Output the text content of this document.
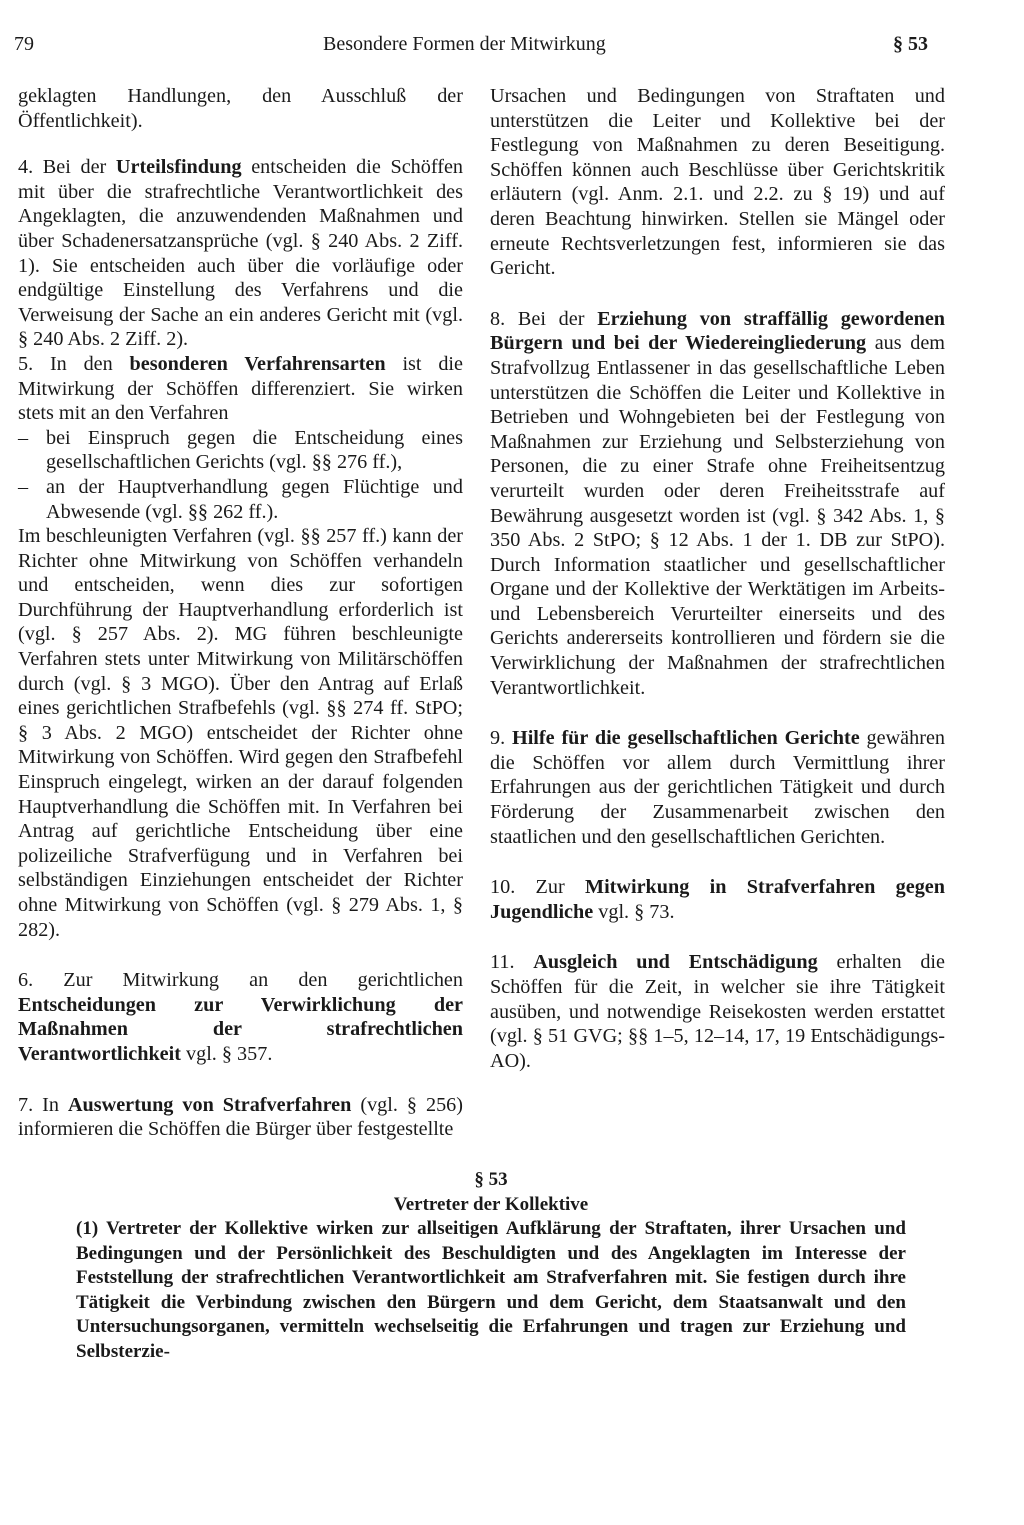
79	Besondere Formen der Mitwirkung	§ 53

geklagten Handlungen, den Ausschluß der Öffentlichkeit).

4. Bei der Urteilsfindung entscheiden die Schöffen mit über die strafrechtliche Verantwortlichkeit des Angeklagten, die anzuwendenden Maßnahmen und über Schadenersatzansprüche (vgl. § 240 Abs. 2 Ziff. 1). Sie entscheiden auch über die vorläufige oder endgültige Einstellung des Verfahrens und die Verweisung der Sache an ein anderes Gericht mit (vgl. § 240 Abs. 2 Ziff. 2).

5. In den besonderen Verfahrensarten ist die Mitwirkung der Schöffen differenziert. Sie wirken stets mit an den Verfahren

– bei Einspruch gegen die Entscheidung eines gesellschaftlichen Gerichts (vgl. §§ 276 ff.),
– an der Hauptverhandlung gegen Flüchtige und Abwesende (vgl. §§ 262 ff.).

Im beschleunigten Verfahren (vgl. §§ 257 ff.) kann der Richter ohne Mitwirkung von Schöffen verhandeln und entscheiden, wenn dies zur sofortigen Durchführung der Hauptverhandlung erforderlich ist (vgl. § 257 Abs. 2). MG führen beschleunigte Verfahren stets unter Mitwirkung von Militärschöffen durch (vgl. § 3 MGO). Über den Antrag auf Erlaß eines gerichtlichen Strafbefehls (vgl. §§ 274 ff. StPO; § 3 Abs. 2 MGO) entscheidet der Richter ohne Mitwirkung von Schöffen. Wird gegen den Strafbefehl Einspruch eingelegt, wirken an der darauf folgenden Hauptverhandlung die Schöffen mit. In Verfahren bei Antrag auf gerichtliche Entscheidung über eine polizeiliche Strafverfügung und in Verfahren bei selbständigen Einziehungen entscheidet der Richter ohne Mitwirkung von Schöffen (vgl. § 279 Abs. 1, § 282).

6. Zur Mitwirkung an den gerichtlichen Entscheidungen zur Verwirklichung der Maßnahmen der strafrechtlichen Verantwortlichkeit vgl. § 357.

7. In Auswertung von Strafverfahren (vgl. § 256) informieren die Schöffen die Bürger über festgestellte

Ursachen und Bedingungen von Straftaten und unterstützen die Leiter und Kollektive bei der Festlegung von Maßnahmen zu deren Beseitigung. Schöffen können auch Beschlüsse über Gerichtskritik erläutern (vgl. Anm. 2.1. und 2.2. zu § 19) und auf deren Beachtung hinwirken. Stellen sie Mängel oder erneute Rechtsverletzungen fest, informieren sie das Gericht.

8. Bei der Erziehung von straffällig gewordenen Bürgern und bei der Wiedereingliederung aus dem Strafvollzug Entlassener in das gesellschaftliche Leben unterstützen die Schöffen die Leiter und Kollektive in Betrieben und Wohngebieten bei der Festlegung von Maßnahmen zur Erziehung und Selbsterziehung von Personen, die zu einer Strafe ohne Freiheitsentzug verurteilt wurden oder deren Freiheitsstrafe auf Bewährung ausgesetzt worden ist (vgl. § 342 Abs. 1, § 350 Abs. 2 StPO; § 12 Abs. 1 der 1. DB zur StPO). Durch Information staatlicher und gesellschaftlicher Organe und der Kollektive der Werktätigen im Arbeits- und Lebensbereich Verurteilter einerseits und des Gerichts andererseits kontrollieren und fördern sie die Verwirklichung der Maßnahmen der strafrechtlichen Verantwortlichkeit.

9. Hilfe für die gesellschaftlichen Gerichte gewähren die Schöffen vor allem durch Vermittlung ihrer Erfahrungen aus der gerichtlichen Tätigkeit und durch Förderung der Zusammenarbeit zwischen den staatlichen und den gesellschaftlichen Gerichten.

10. Zur Mitwirkung in Strafverfahren gegen Jugendliche vgl. § 73.

11. Ausgleich und Entschädigung erhalten die Schöffen für die Zeit, in welcher sie ihre Tätigkeit ausüben, und notwendige Reisekosten werden erstattet (vgl. § 51 GVG; §§ 1–5, 12–14, 17, 19 Entschädigungs-AO).

§ 53
Vertreter der Kollektive
(1) Vertreter der Kollektive wirken zur allseitigen Aufklärung der Straftaten, ihrer Ursachen und Bedingungen und der Persönlichkeit des Beschuldigten und des Angeklagten im Interesse der Feststellung der strafrechtlichen Verantwortlichkeit am Strafverfahren mit. Sie festigen durch ihre Tätigkeit die Verbindung zwischen den Bürgern und dem Gericht, dem Staatsanwalt und den Untersuchungsorganen, vermitteln wechselseitig die Erfahrungen und tragen zur Erziehung und Selbsterzie-
